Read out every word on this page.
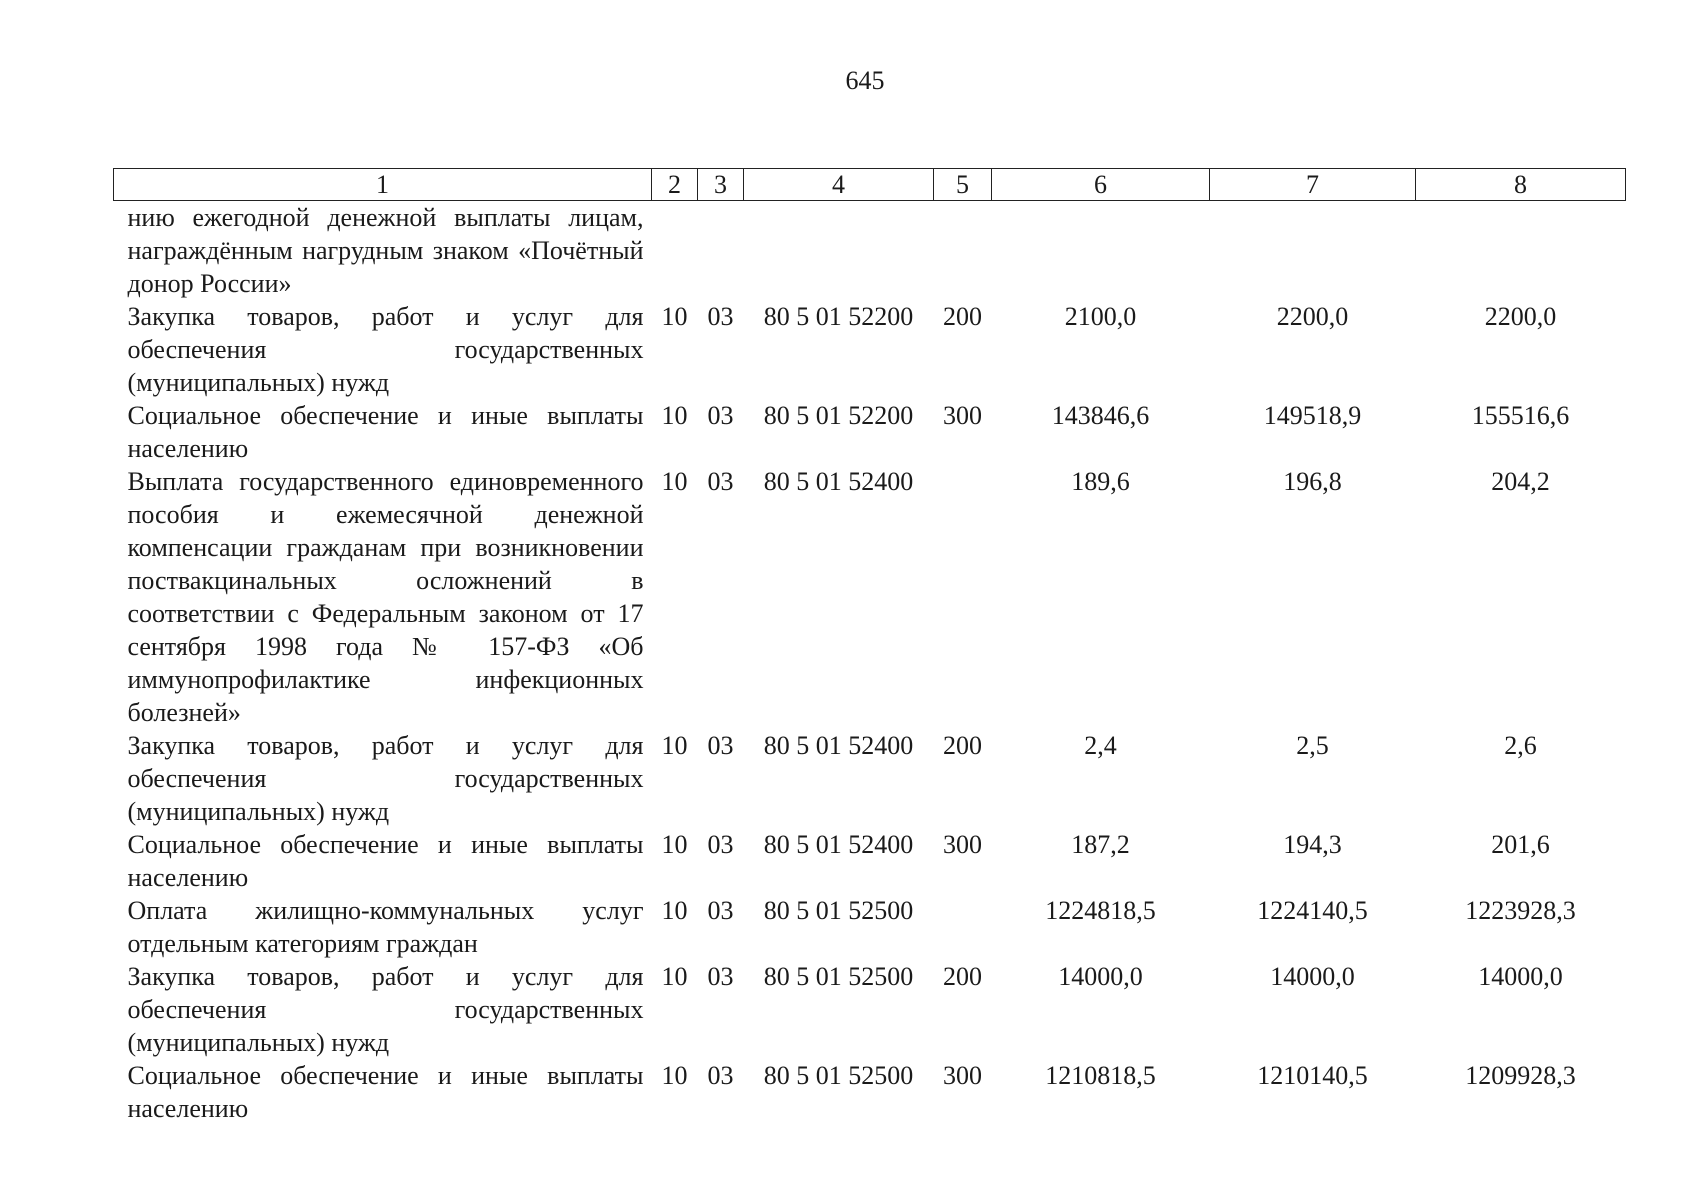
645
1	2	3	4	5	6	7	8
нию ежегодной денежной выплаты лицам, награждённым нагрудным знаком «Почётный донор России»							
Закупка товаров, работ и услуг для обеспечения государственных (муниципальных) нужд	10	03	80 5 01 52200	200	2100,0	2200,0	2200,0
Социальное обеспечение и иные выплаты населению	10	03	80 5 01 52200	300	143846,6	149518,9	155516,6
Выплата государственного единовременного пособия и ежемесячной денежной компенсации гражданам при возникновении поствакцинальных осложнений в соответствии с Федеральным законом от 17 сентября 1998 года № 157-ФЗ «Об иммунопрофилактике инфекционных болезней»	10	03	80 5 01 52400		189,6	196,8	204,2
Закупка товаров, работ и услуг для обеспечения государственных (муниципальных) нужд	10	03	80 5 01 52400	200	2,4	2,5	2,6
Социальное обеспечение и иные выплаты населению	10	03	80 5 01 52400	300	187,2	194,3	201,6
Оплата жилищно-коммунальных услуг отдельным категориям граждан	10	03	80 5 01 52500		1224818,5	1224140,5	1223928,3
Закупка товаров, работ и услуг для обеспечения государственных (муниципальных) нужд	10	03	80 5 01 52500	200	14000,0	14000,0	14000,0
Социальное обеспечение и иные выплаты населению	10	03	80 5 01 52500	300	1210818,5	1210140,5	1209928,3
